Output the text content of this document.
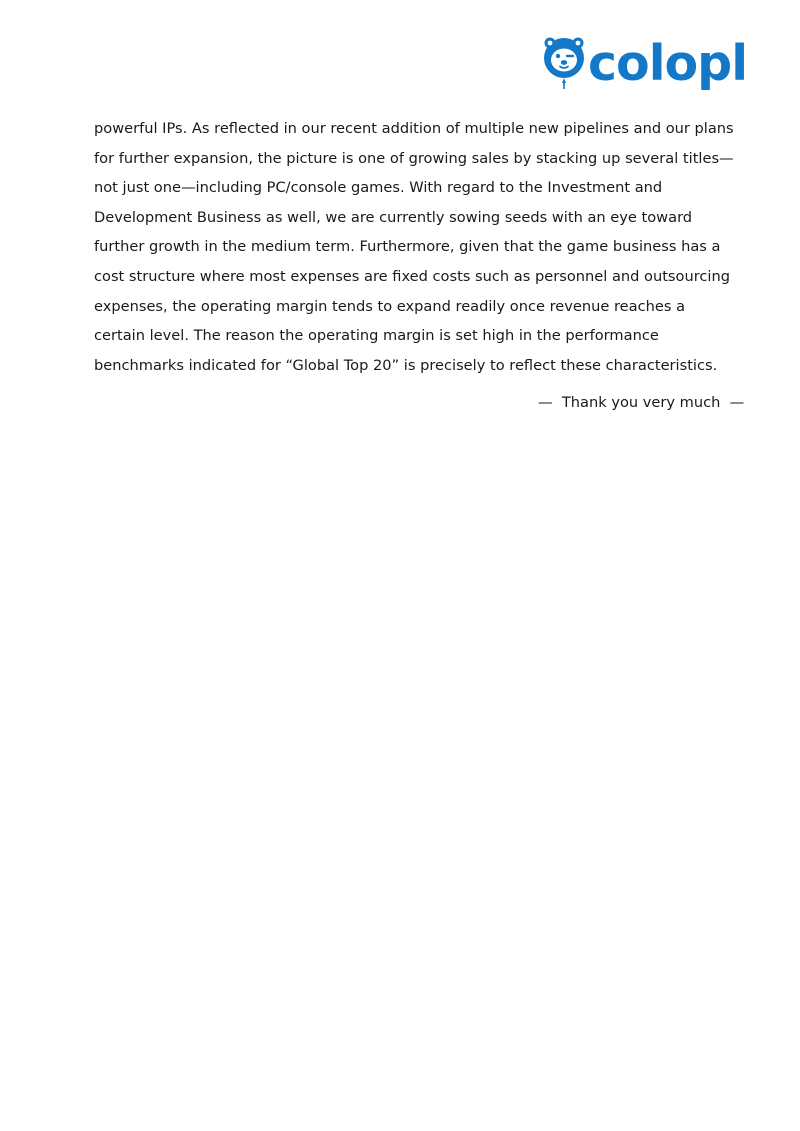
colopl

powerful IPs. As reflected in our recent addition of multiple new pipelines and our plans for further expansion, the picture is one of growing sales by stacking up several titles—not just one—including PC/console games. With regard to the Investment and Development Business as well, we are currently sowing seeds with an eye toward further growth in the medium term. Furthermore, given that the game business has a cost structure where most expenses are fixed costs such as personnel and outsourcing expenses, the operating margin tends to expand readily once revenue reaches a certain level. The reason the operating margin is set high in the performance benchmarks indicated for “Global Top 20” is precisely to reflect these characteristics.

—  Thank you very much  —
